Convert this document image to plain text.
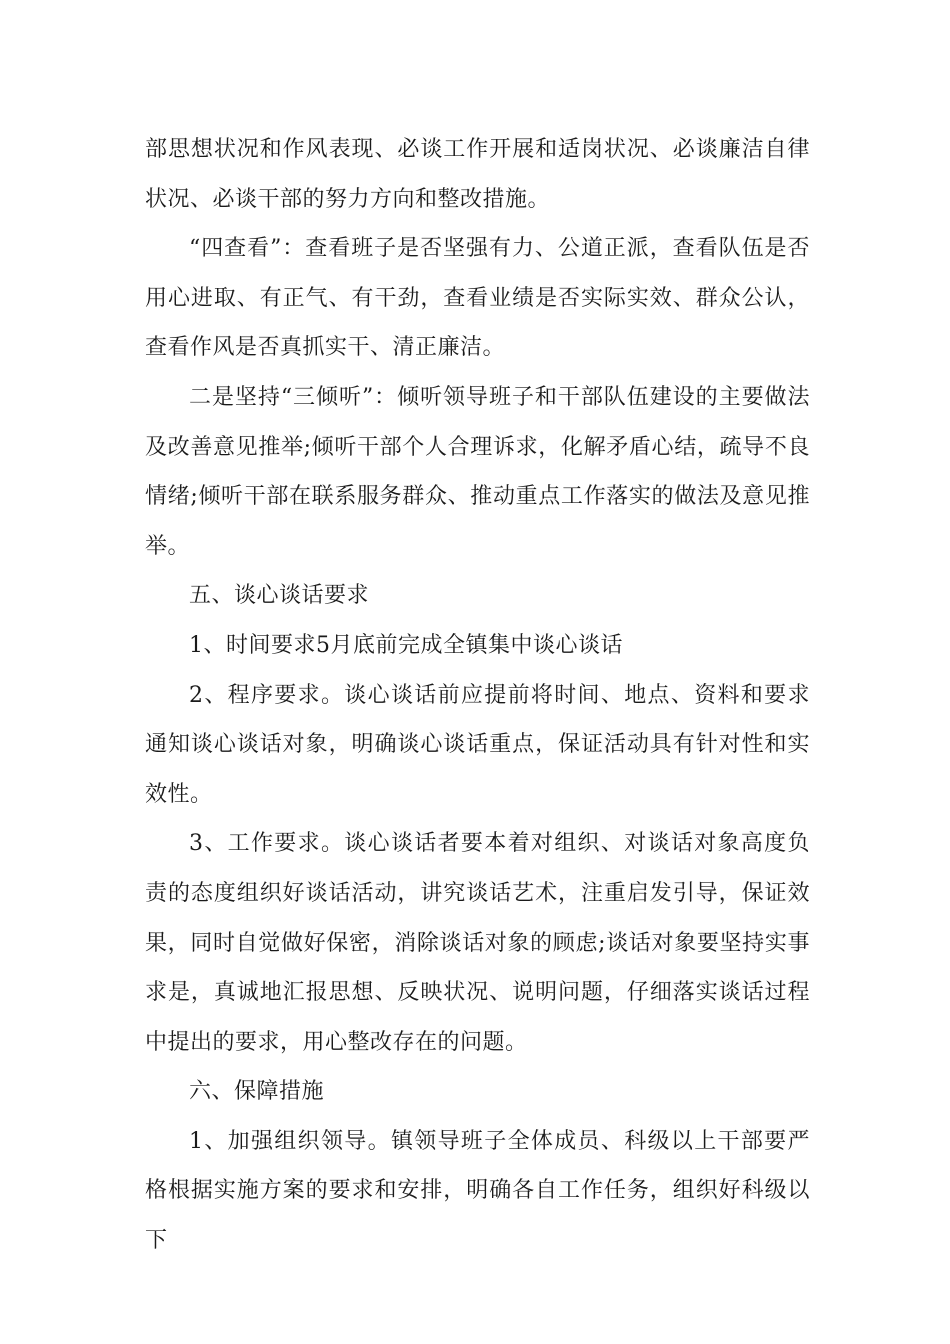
部思想状况和作风表现、必谈工作开展和适岗状况、必谈廉洁自律状况、必谈干部的努力方向和整改措施。

“四查看”：查看班子是否坚强有力、公道正派，查看队伍是否用心进取、有正气、有干劲，查看业绩是否实际实效、群众公认，查看作风是否真抓实干、清正廉洁。

二是坚持“三倾听”：倾听领导班子和干部队伍建设的主要做法及改善意见推举;倾听干部个人合理诉求，化解矛盾心结，疏导不良情绪;倾听干部在联系服务群众、推动重点工作落实的做法及意见推举。

五、谈心谈话要求

1、时间要求5月底前完成全镇集中谈心谈话

2、程序要求。谈心谈话前应提前将时间、地点、资料和要求通知谈心谈话对象，明确谈心谈话重点，保证活动具有针对性和实效性。

3、工作要求。谈心谈话者要本着对组织、对谈话对象高度负责的态度组织好谈话活动，讲究谈话艺术，注重启发引导，保证效果，同时自觉做好保密，消除谈话对象的顾虑;谈话对象要坚持实事求是，真诚地汇报思想、反映状况、说明问题，仔细落实谈话过程中提出的要求，用心整改存在的问题。

六、保障措施

1、加强组织领导。镇领导班子全体成员、科级以上干部要严格根据实施方案的要求和安排，明确各自工作任务，组织好科级以下
